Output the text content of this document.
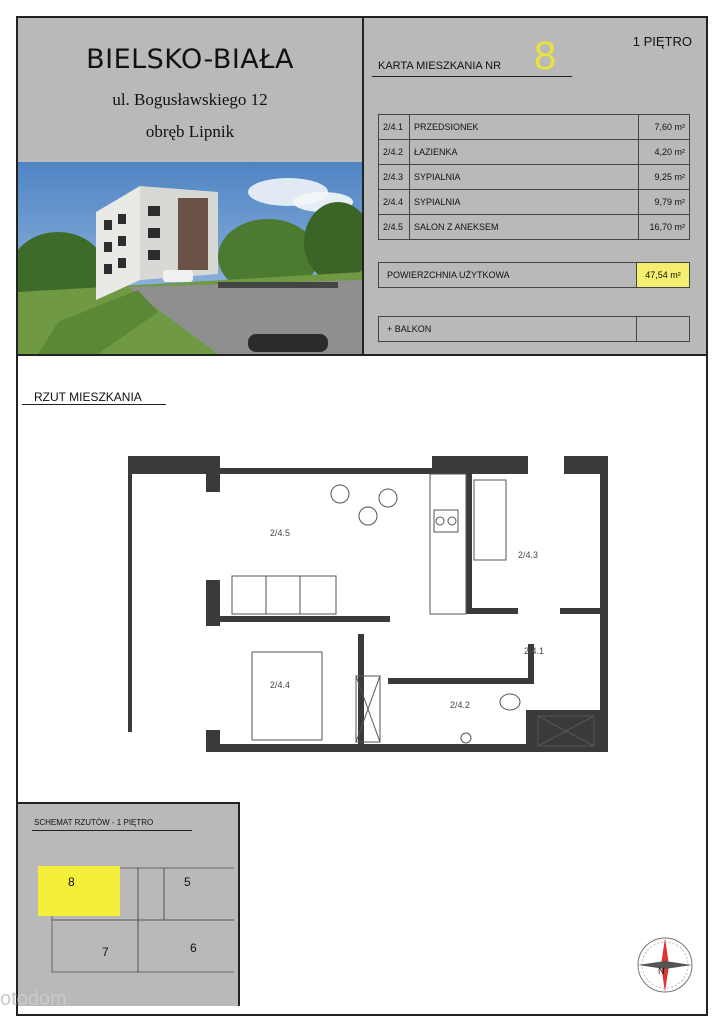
BIELSKO-BIAŁA
ul. Bogusławskiego 12
obręb Lipnik
1 PIĘTRO
KARTA MIESZKANIA NR 8
2/4.1	PRZEDSIONEK	7,60 m²
2/4.2	ŁAZIENKA	4,20 m²
2/4.3	SYPIALNIA	9,25 m²
2/4.4	SYPIALNIA	9,79 m²
2/4.5	SALON Z ANEKSEM	16,70 m²
POWIERZCHNIA UŻYTKOWA	47,54 m²
+ BALKON
RZUT MIESZKANIA
2/4.5
2/4.3
2/4.1
2/4.4
2/4.2
SCHEMAT RZUTÓW - 1 PIĘTRO
8	5
7	6
N
otodom
